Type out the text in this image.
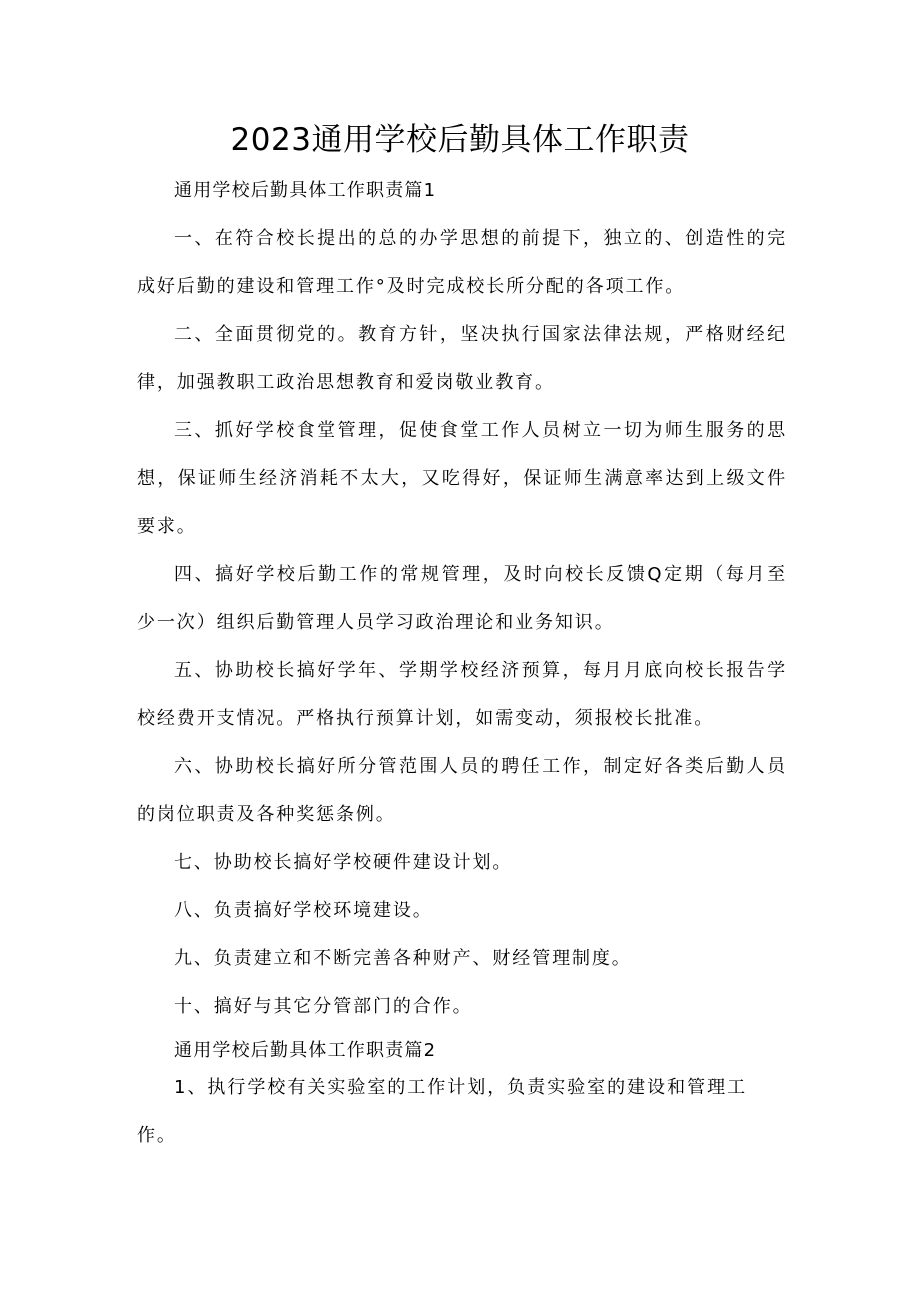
2023通用学校后勤具体工作职责
通用学校后勤具体工作职责篇1
一、在符合校长提出的总的办学思想的前提下，独立的、创造性的完成好后勤的建设和管理工作°及时完成校长所分配的各项工作。
二、全面贯彻党的。教育方针，坚决执行国家法律法规，严格财经纪律，加强教职工政治思想教育和爱岗敬业教育。
三、抓好学校食堂管理，促使食堂工作人员树立一切为师生服务的思想，保证师生经济消耗不太大，又吃得好，保证师生满意率达到上级文件要求。
四、搞好学校后勤工作的常规管理，及时向校长反馈Q定期（每月至少一次）组织后勤管理人员学习政治理论和业务知识。
五、协助校长搞好学年、学期学校经济预算，每月月底向校长报告学校经费开支情况。严格执行预算计划，如需变动，须报校长批准。
六、协助校长搞好所分管范围人员的聘任工作，制定好各类后勤人员的岗位职责及各种奖惩条例。
七、协助校长搞好学校硬件建设计划。
八、负责搞好学校环境建设。
九、负责建立和不断完善各种财产、财经管理制度。
十、搞好与其它分管部门的合作。
通用学校后勤具体工作职责篇2
1、执行学校有关实验室的工作计划，负责实验室的建设和管理工作。
